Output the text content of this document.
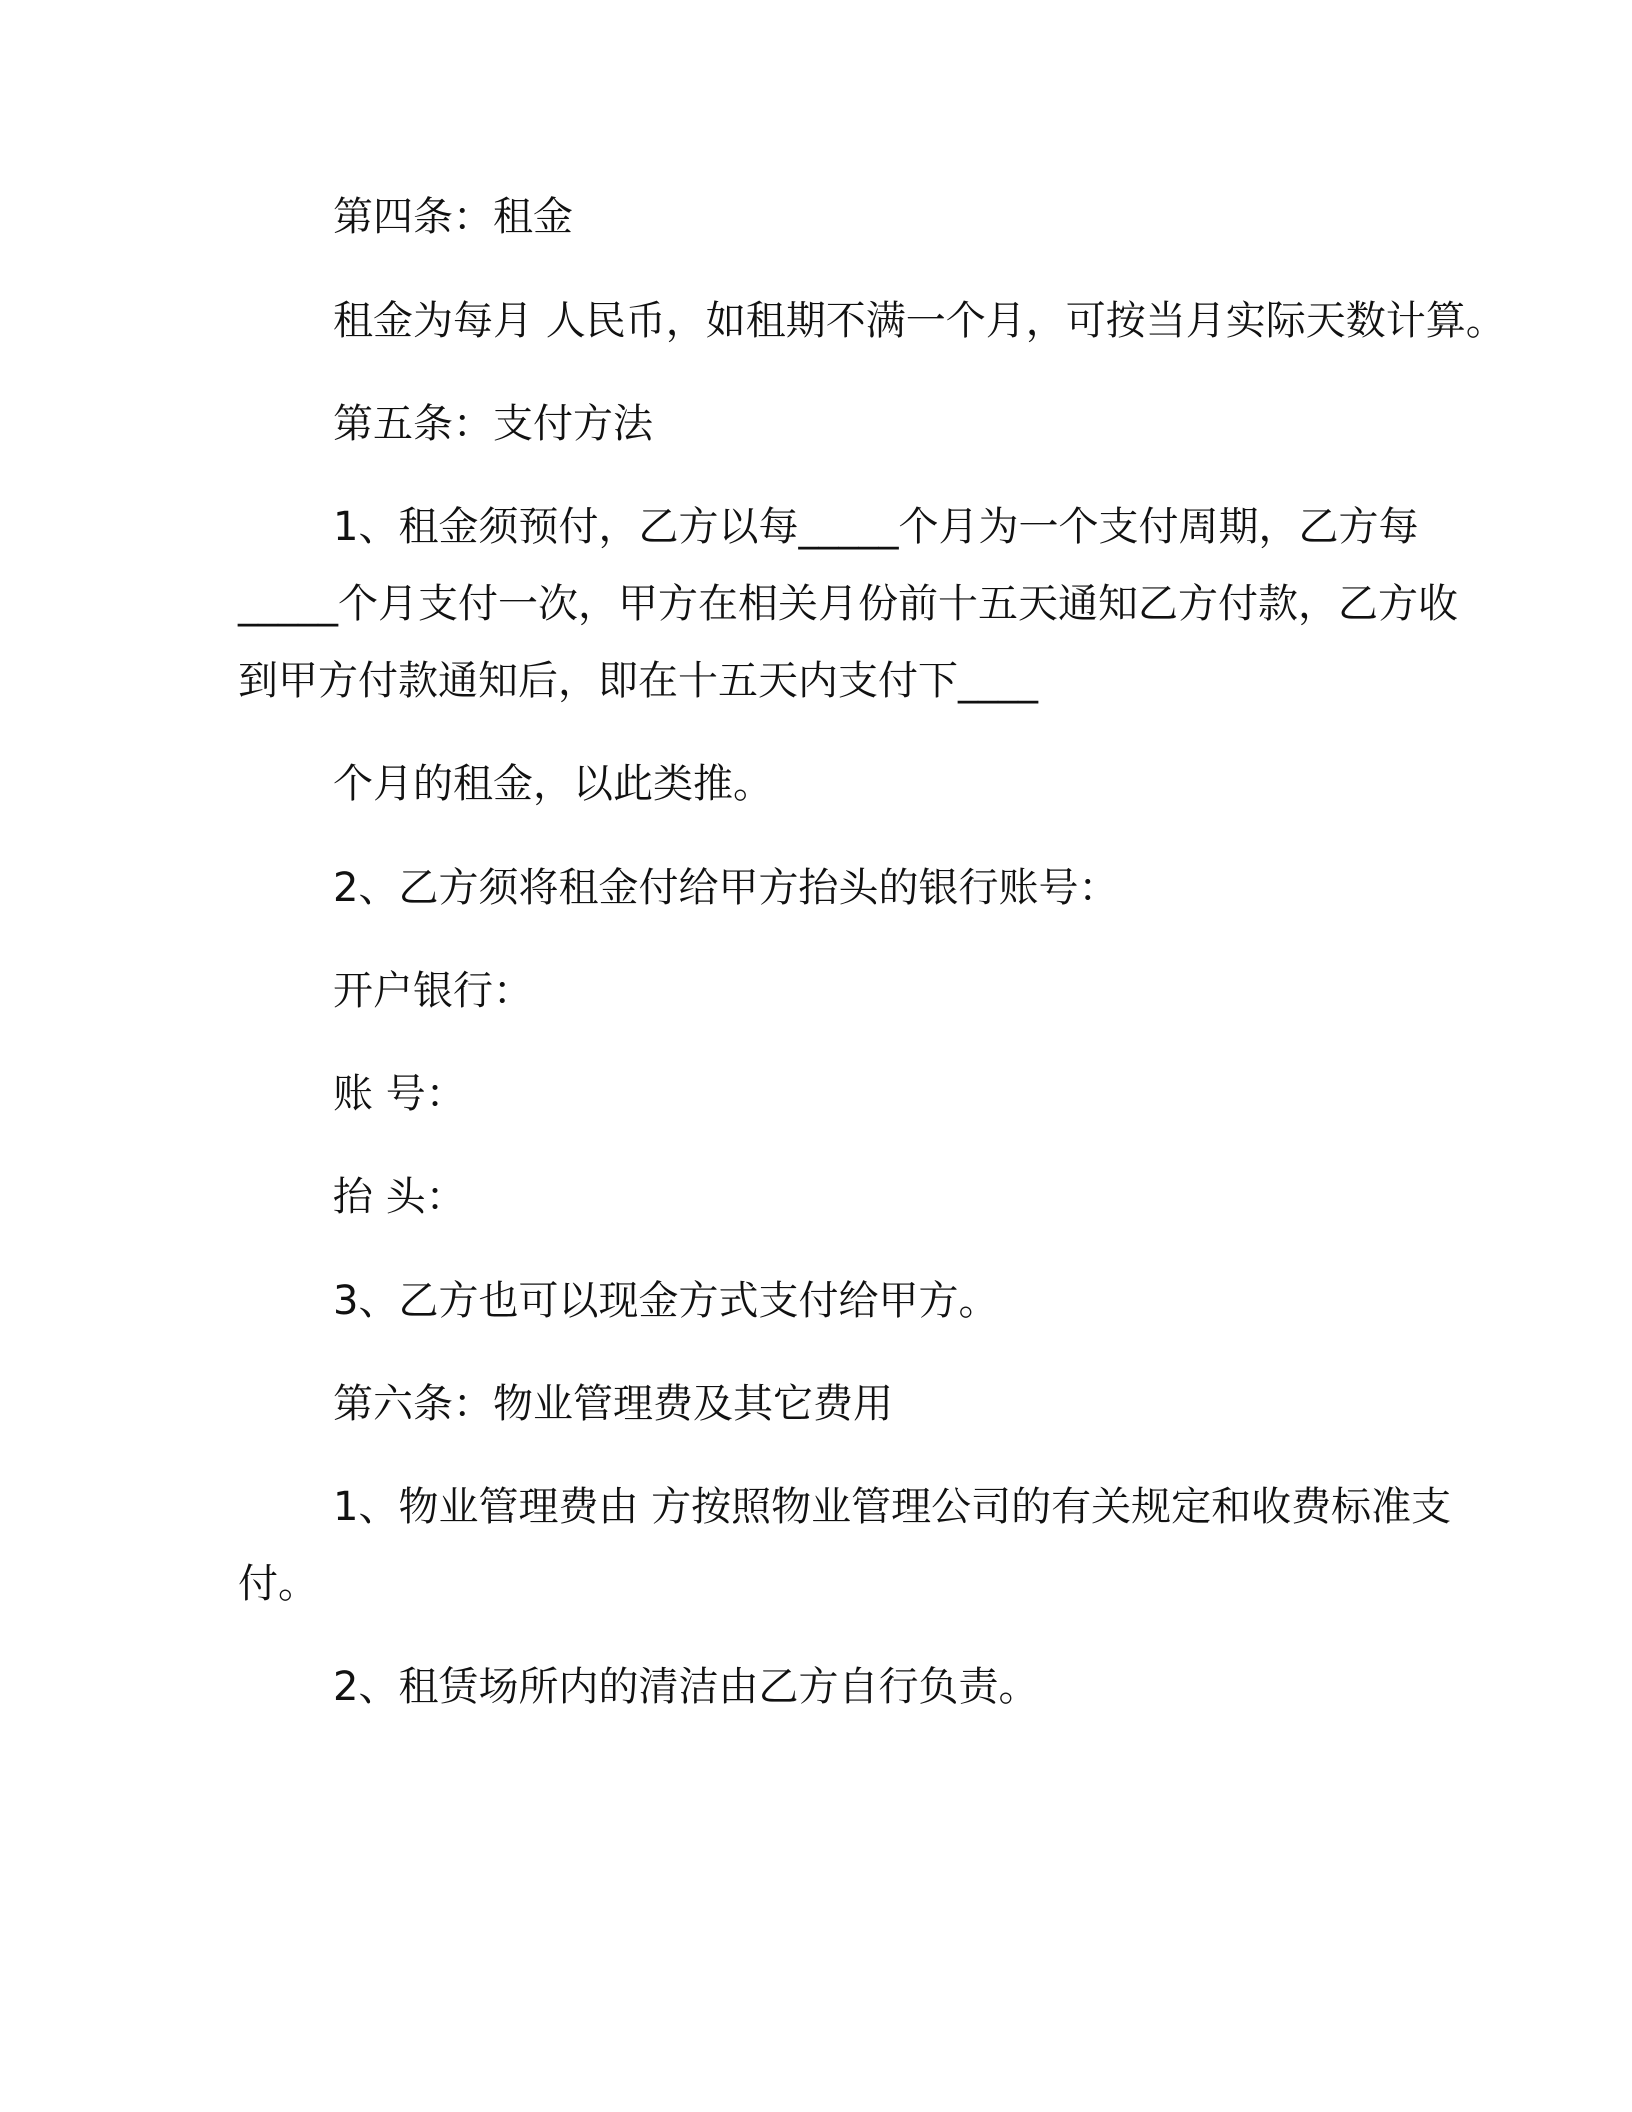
第四条：租金
租金为每月 人民币，如租期不满一个月，可按当月实际天数计算。
第五条：支付方法
1、租金须预付，乙方以每_____个月为一个支付周期，乙方每
_____个月支付一次，甲方在相关月份前十五天通知乙方付款，乙方收
到甲方付款通知后，即在十五天内支付下____
个月的租金，以此类推。
2、乙方须将租金付给甲方抬头的银行账号：
开户银行：
账 号：
抬 头：
3、乙方也可以现金方式支付给甲方。
第六条：物业管理费及其它费用
1、物业管理费由 方按照物业管理公司的有关规定和收费标准支
付。
2、租赁场所内的清洁由乙方自行负责。
